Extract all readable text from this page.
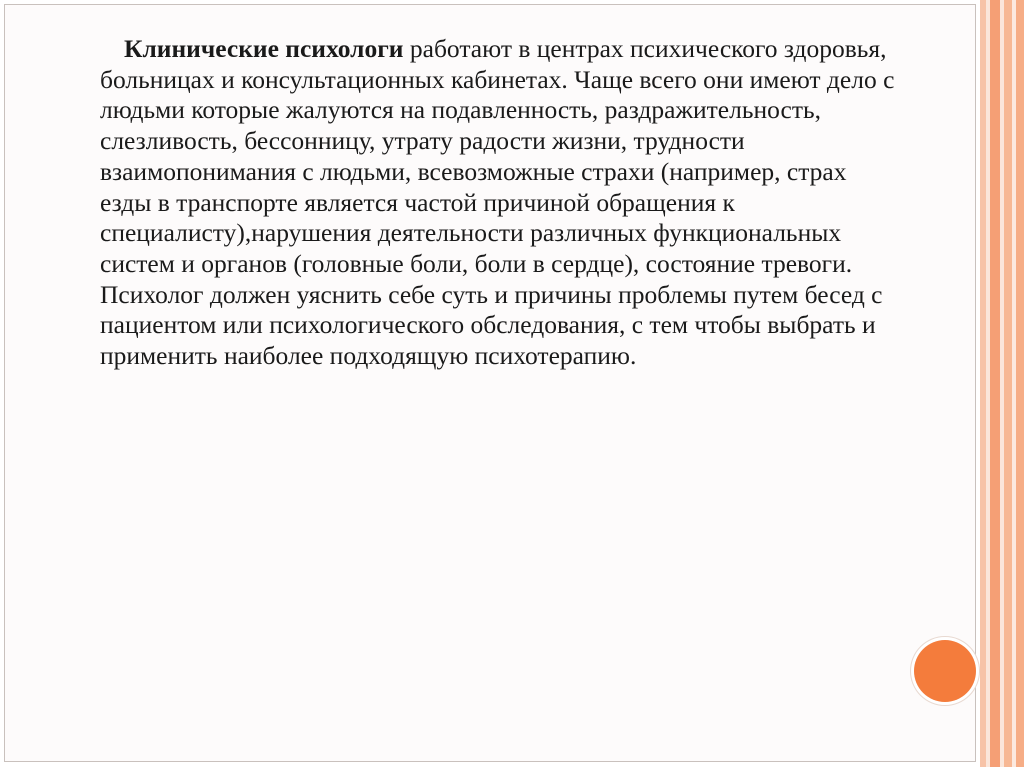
Клинические психологи работают в центрах психического здоровья, больницах и консультационных кабинетах. Чаще всего они имеют дело с людьми которые жалуются на подавленность, раздражительность, слезливость, бессонницу, утрату радости жизни, трудности взаимопонимания с людьми, всевозможные страхи (например, страх езды в транспорте является частой причиной обращения к специалисту),нарушения деятельности различных функциональных систем и органов (головные боли, боли в сердце), состояние тревоги. Психолог должен уяснить себе суть и причины проблемы путем бесед с пациентом или психологического обследования, с тем чтобы выбрать и применить наиболее подходящую психотерапию.
